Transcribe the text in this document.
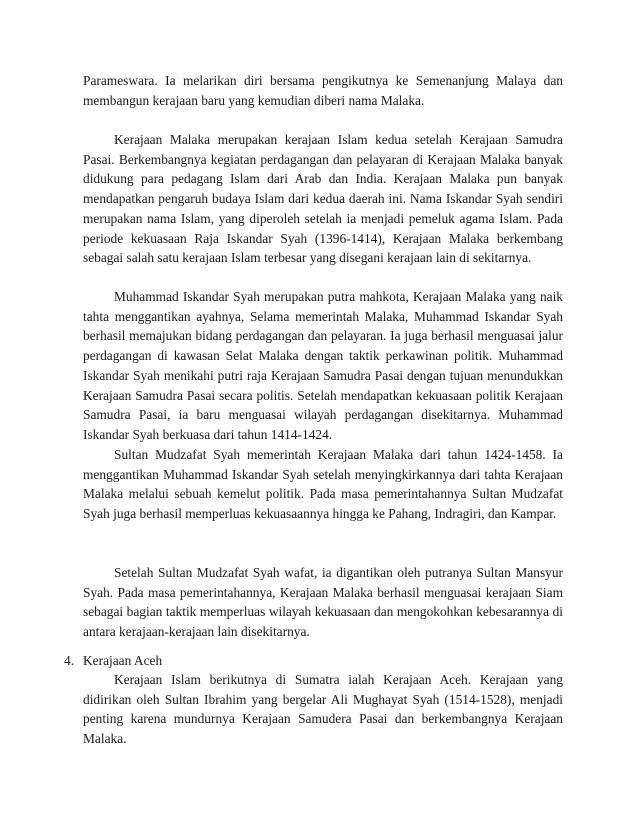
Parameswara. Ia melarikan diri bersama pengikutnya ke Semenanjung Malaya dan membangun kerajaan baru yang kemudian diberi nama Malaka.

Kerajaan Malaka merupakan kerajaan Islam kedua setelah Kerajaan Samudra Pasai. Berkembangnya kegiatan perdagangan dan pelayaran di Kerajaan Malaka banyak didukung para pedagang Islam dari Arab dan India. Kerajaan Malaka pun banyak mendapatkan pengaruh budaya Islam dari kedua daerah ini. Nama Iskandar Syah sendiri merupakan nama Islam, yang diperoleh setelah ia menjadi pemeluk agama Islam. Pada periode kekuasaan Raja Iskandar Syah (1396-1414), Kerajaan Malaka berkembang sebagai salah satu kerajaan Islam terbesar yang disegani kerajaan lain di sekitarnya.

Muhammad Iskandar Syah merupakan putra mahkota, Kerajaan Malaka yang naik tahta menggantikan ayahnya, Selama memerintah Malaka, Muhammad Iskandar Syah berhasil memajukan bidang perdagangan dan pelayaran. Ia juga berhasil menguasai jalur perdagangan di kawasan Selat Malaka dengan taktik perkawinan politik. Muhammad Iskandar Syah menikahi putri raja Kerajaan Samudra Pasai dengan tujuan menundukkan Kerajaan Samudra Pasai secara politis. Setelah mendapatkan kekuasaan politik Kerajaan Samudra Pasai, ia baru menguasai wilayah perdagangan disekitarnya. Muhammad Iskandar Syah berkuasa dari tahun 1414-1424.

Sultan Mudzafat Syah memerintah Kerajaan Malaka dari tahun 1424-1458. Ia menggantikan Muhammad Iskandar Syah setelah menyingkirkannya dari tahta Kerajaan Malaka melalui sebuah kemelut politik. Pada masa pemerintahannya Sultan Mudzafat Syah juga berhasil memperluas kekuasaannya hingga ke Pahang, Indragiri, dan Kampar.

Setelah Sultan Mudzafat Syah wafat, ia digantikan oleh putranya Sultan Mansyur Syah. Pada masa pemerintahannya, Kerajaan Malaka berhasil menguasai kerajaan Siam sebagai bagian taktik memperluas wilayah kekuasaan dan mengokohkan kebesarannya di antara kerajaan-kerajaan lain disekitarnya.

4. Kerajaan Aceh

Kerajaan Islam berikutnya di Sumatra ialah Kerajaan Aceh. Kerajaan yang didirikan oleh Sultan Ibrahim yang bergelar Ali Mughayat Syah (1514-1528), menjadi penting karena mundurnya Kerajaan Samudera Pasai dan berkembangnya Kerajaan Malaka.
